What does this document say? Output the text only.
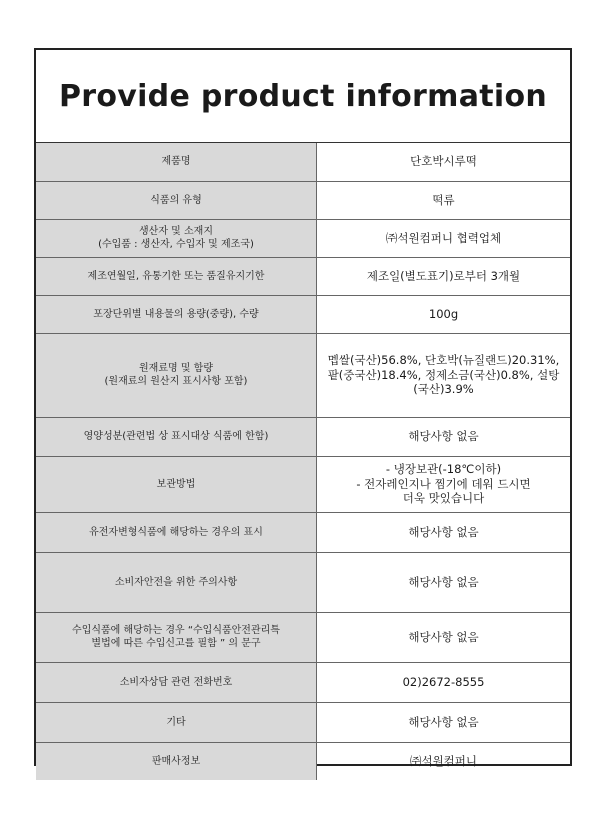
Provide product information
제품명	단호박시루떡
식품의 유형	떡류

생산자 및 소재지
(수입품 : 생산자, 수입자 및 제조국)	㈜석원컴퍼니 협력업체
제조연월일, 유통기한 또는 품질유지기한	제조일(별도표기)로부터 3개월
포장단위별 내용물의 용량(중량), 수량	100g

원재료명 및 함량
(원재료의 원산지 표시사항 포함)	멥쌀(국산)56.8%, 단호박(뉴질랜드)20.31%, 팥(중국산)18.4%, 정제소금(국산)0.8%, 설탕(국산)3.9%
영양성분(관련법 상 표시대상 식품에 한함)	해당사항 없음
보관방법	- 냉장보관(-18℃이하)
- 전자레인지나 찜기에 데워 드시면
더욱 맛있습니다

유전자변형식품에 해당하는 경우의 표시	해당사항 없음
소비자안전을 위한 주의사항	해당사항 없음

수입식품에 해당하는 경우 “수입식품안전관리특
별법에 따른 수입신고를 필함 ” 의 문구	해당사항 없음
소비자상담 관련 전화번호	02)2672-8555
기타	해당사항 없음
판매사정보	㈜석원컴퍼니
